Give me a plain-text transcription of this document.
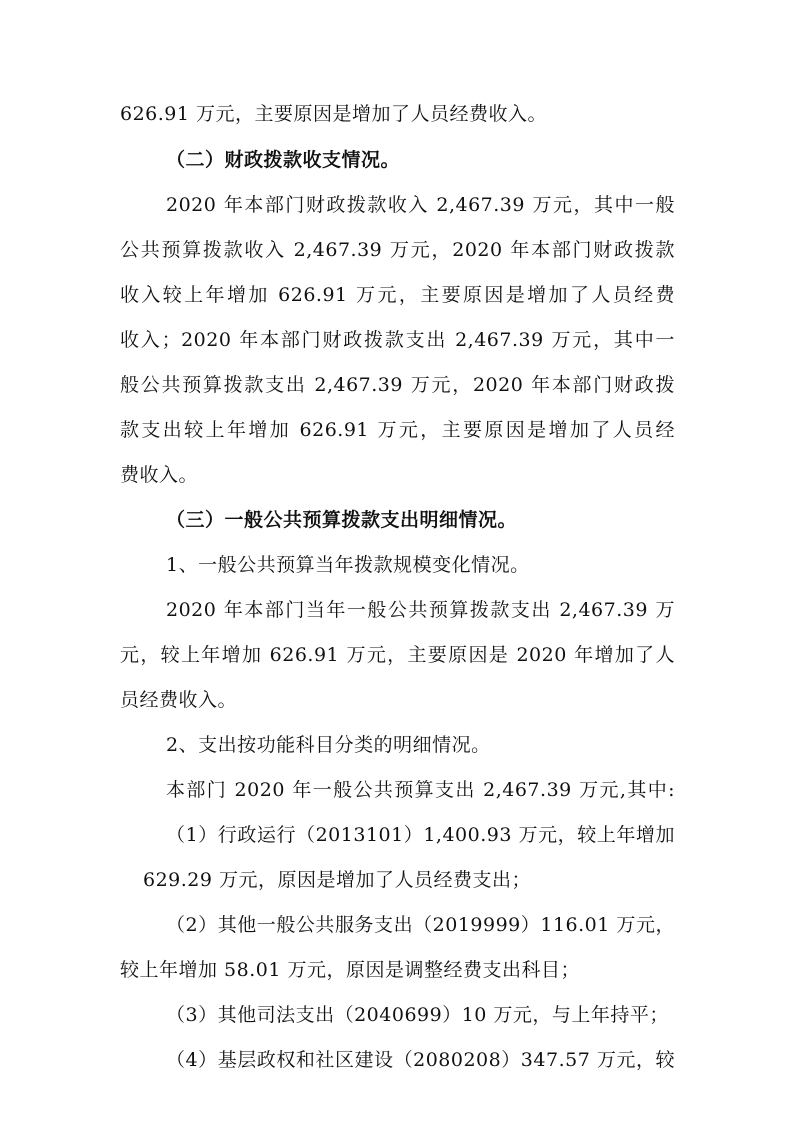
626.91 万元，主要原因是增加了人员经费收入。
（二）财政拨款收支情况。
2020 年本部门财政拨款收入 2,467.39 万元，其中一般
公共预算拨款收入 2,467.39 万元，2020 年本部门财政拨款
收入较上年增加 626.91 万元，主要原因是增加了人员经费
收入；2020 年本部门财政拨款支出 2,467.39 万元，其中一
般公共预算拨款支出 2,467.39 万元，2020 年本部门财政拨
款支出较上年增加 626.91 万元，主要原因是增加了人员经
费收入。
（三）一般公共预算拨款支出明细情况。
1、一般公共预算当年拨款规模变化情况。
2020 年本部门当年一般公共预算拨款支出 2,467.39 万
元，较上年增加 626.91 万元，主要原因是 2020 年增加了人
员经费收入。
2、支出按功能科目分类的明细情况。
本部门 2020 年一般公共预算支出 2,467.39 万元,其中:
（1）行政运行（2013101）1,400.93 万元，较上年增加
629.29 万元，原因是增加了人员经费支出；
（2）其他一般公共服务支出（2019999）116.01 万元，
较上年增加 58.01 万元，原因是调整经费支出科目；
（3）其他司法支出（2040699）10 万元，与上年持平；
（4）基层政权和社区建设（2080208）347.57 万元，较
